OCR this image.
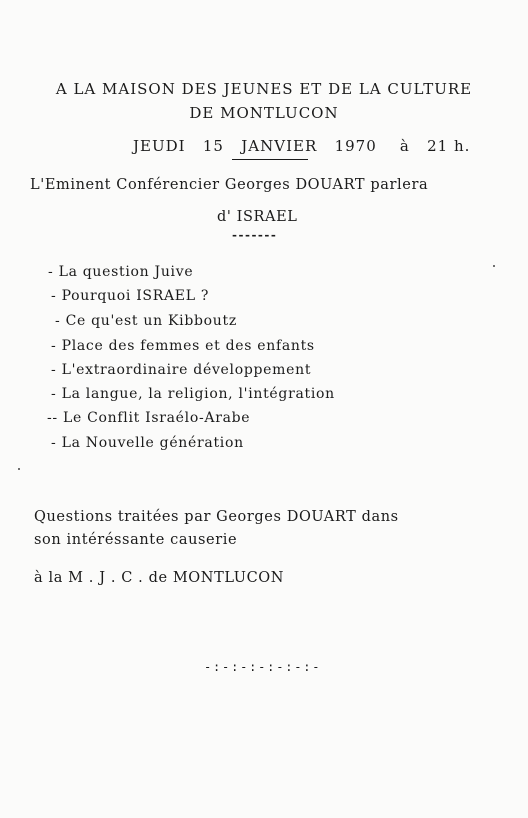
A LA MAISON DES JEUNES ET DE LA CULTURE
DE MONTLUCON
JEUDI 15 JANVIER 1970 à 21 h.
L'Eminent Conférencier Georges DOUART parlera
d' ISRAEL
-------
- La question Juive
- Pourquoi ISRAEL ?
- Ce qu'est un Kibboutz
- Place des femmes et des enfants
- L'extraordinaire développement
- La langue, la religion, l'intégration
-- Le Conflit Israélo-Arabe
- La Nouvelle génération
Questions traitées par Georges DOUART dans
son intéréssante causerie
à la M . J . C . de MONTLUCON
-:-:-:-:-:-:-
